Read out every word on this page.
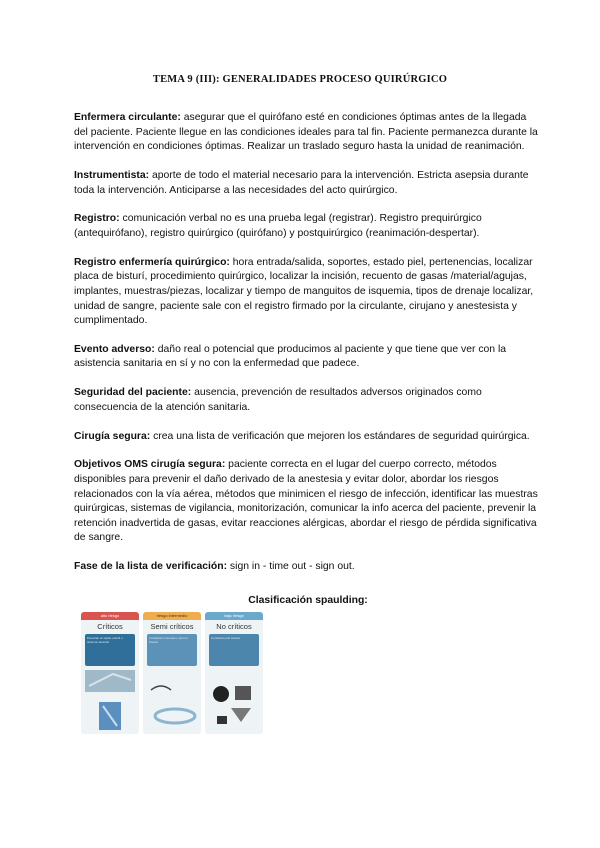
TEMA 9 (III): GENERALIDADES PROCESO QUIRÚRGICO

Enfermera circulante: asegurar que el quirófano esté en condiciones óptimas antes de la llegada del paciente. Paciente llegue en las condiciones ideales para tal fin. Paciente permanezca durante la intervención en condiciones óptimas. Realizar un traslado seguro hasta la unidad de reanimación.

Instrumentista: aporte de todo el material necesario para la intervención. Estricta asepsia durante toda la intervención. Anticiparse a las necesidades del acto quirúrgico.

Registro: comunicación verbal no es una prueba legal (registrar). Registro prequirúrgico (antequirófano), registro quirúrgico (quirófano) y postquirúrgico (reanimación-despertar).

Registro enfermería quirúrgico: hora entrada/salida, soportes, estado piel, pertenencias, localizar placa de bisturí, procedimiento quirúrgico, localizar la incisión, recuento de gasas /material/agujas, implantes, muestras/piezas, localizar y tiempo de manguitos de isquemia, tipos de drenaje localizar, unidad de sangre, paciente sale con el registro firmado por la circulante, cirujano y anestesista y cumplimentado.

Evento adverso: daño real o potencial que producimos al paciente y que tiene que ver con la asistencia sanitaria en sí y no con la enfermedad que padece.

Seguridad del paciente: ausencia, prevención de resultados adversos originados como consecuencia de la atención sanitaria.

Cirugía segura: crea una lista de verificación que mejoren los estándares de seguridad quirúrgica.

Objetivos OMS cirugía segura: paciente correcta en el lugar del cuerpo correcto, métodos disponibles para prevenir el daño derivado de la anestesia y evitar dolor, abordar los riesgos relacionados con la vía aérea, métodos que minimicen el riesgo de infección, identificar las muestras quirúrgicas, sistemas de vigilancia, monitorización, comunicar la info acerca del paciente, prevenir la retención inadvertida de gasas, evitar reacciones alérgicas, abordar el riesgo de pérdida significativa de sangre.

Fase de la lista de verificación: sign in - time out - sign out.

Clasificación spaulding:
alto riesgo
Críticos
Penetran en tejido estéril o sistema vascular
riesgo intermedio
Semi críticos
Contactan mucosas o piel no intacta
bajo riesgo
No críticos
Contactan piel intacta
